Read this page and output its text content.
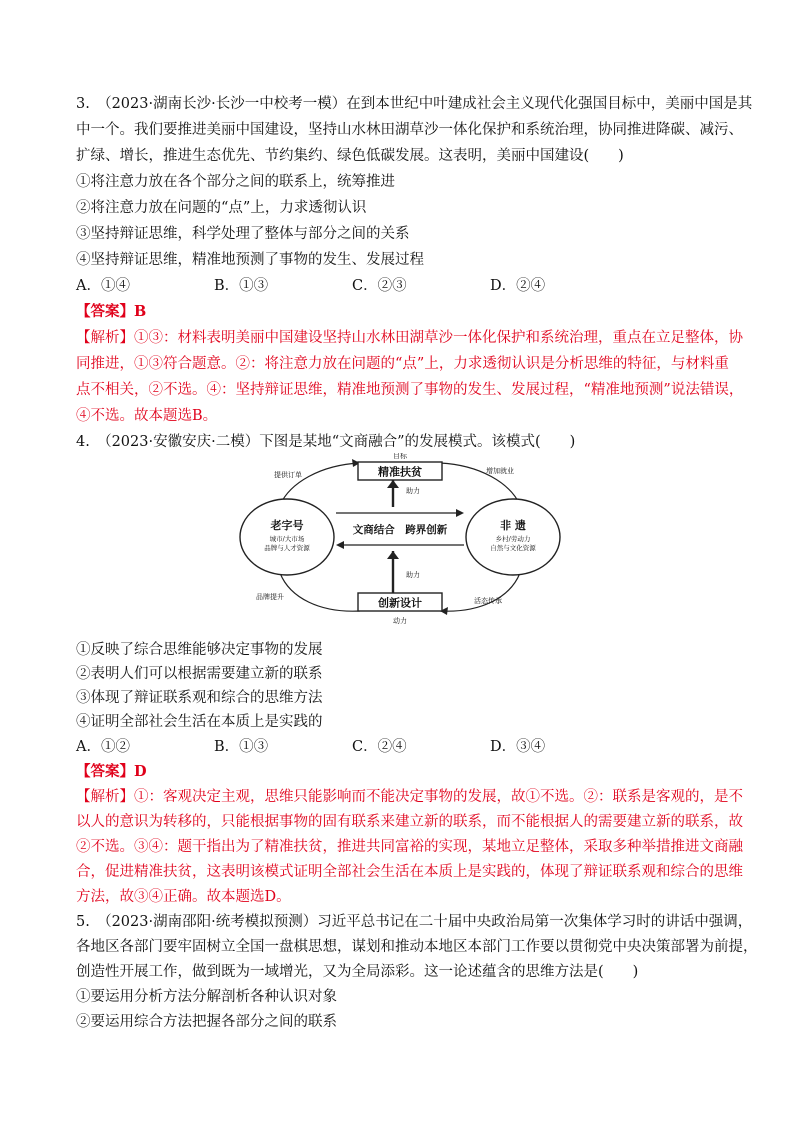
3.　（2023·湖南长沙·长沙一中校考一模）在到本世纪中叶建成社会主义现代化强国目标中，美丽中国是其
中一个。我们要推进美丽中国建设，坚持山水林田湖草沙一体化保护和系统治理，协同推进降碳、减污、
扩绿、增长，推进生态优先、节约集约、绿色低碳发展。这表明，美丽中国建设(　　)
①将注意力放在各个部分之间的联系上，统筹推进
②将注意力放在问题的“点”上，力求透彻认识
③坚持辩证思维，科学处理了整体与部分之间的关系
④坚持辩证思维，精准地预测了事物的发生、发展过程
A．①④	B．①③	C．②③	D．②④
【答案】B
【解析】①③：材料表明美丽中国建设坚持山水林田湖草沙一体化保护和系统治理，重点在立足整体，协
同推进，①③符合题意。②：将注意力放在问题的“点”上，力求透彻认识是分析思维的特征，与材料重
点不相关，②不选。④：坚持辩证思维，精准地预测了事物的发生、发展过程，“精准地预测”说法错误，
④不选。故本题选B。
4.　（2023·安徽安庆·二模）下图是某地“文商融合”的发展模式。该模式(　　)
目标
精准扶贫
创新设计
动力
老字号
城市/大市场
品牌与人才资源
非 遗
乡村/劳动力
自然与文化资源
文商结合　跨界创新
助力
助力
提供订单	增加就业
品牌提升	活态传承
①反映了综合思维能够决定事物的发展
②表明人们可以根据需要建立新的联系
③体现了辩证联系观和综合的思维方法
④证明全部社会生活在本质上是实践的
A．①②	B．①③	C．②④	D．③④
【答案】D
【解析】①：客观决定主观，思维只能影响而不能决定事物的发展，故①不选。②：联系是客观的，是不
以人的意识为转移的，只能根据事物的固有联系来建立新的联系，而不能根据人的需要建立新的联系，故
②不选。③④：题干指出为了精准扶贫，推进共同富裕的实现，某地立足整体，采取多种举措推进文商融
合，促进精准扶贫，这表明该模式证明全部社会生活在本质上是实践的，体现了辩证联系观和综合的思维
方法，故③④正确。故本题选D。
5.　（2023·湖南邵阳·统考模拟预测）习近平总书记在二十届中央政治局第一次集体学习时的讲话中强调，
各地区各部门要牢固树立全国一盘棋思想，谋划和推动本地区本部门工作要以贯彻党中央决策部署为前提，
创造性开展工作，做到既为一域增光，又为全局添彩。这一论述蕴含的思维方法是(　　)
①要运用分析方法分解剖析各种认识对象
②要运用综合方法把握各部分之间的联系
